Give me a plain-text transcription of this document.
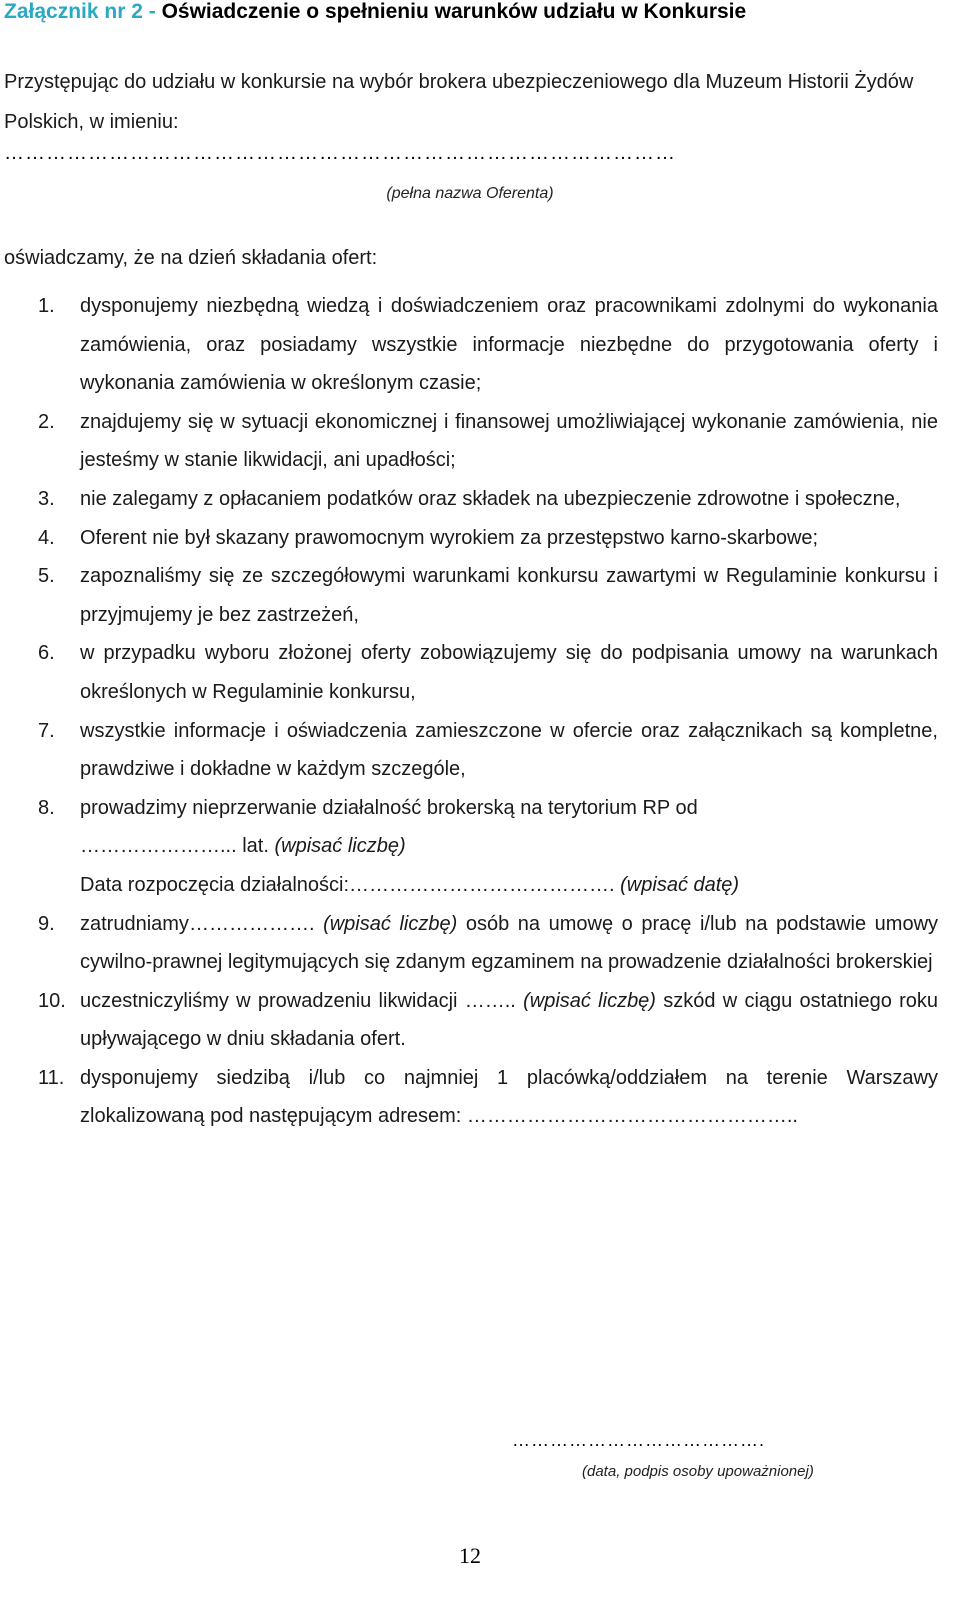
Załącznik nr 2 - Oświadczenie o spełnieniu warunków udziału w Konkursie
Przystępując do udziału w konkursie na wybór brokera ubezpieczeniowego dla Muzeum Historii Żydów Polskich, w imieniu:
……………………………………………………………………………………
(pełna nazwa Oferenta)
oświadczamy, że na dzień składania ofert:
1. dysponujemy niezbędną wiedzą i doświadczeniem oraz pracownikami zdolnymi do wykonania zamówienia, oraz posiadamy wszystkie informacje niezbędne do przygotowania oferty i wykonania zamówienia w określonym czasie;
2. znajdujemy się w sytuacji ekonomicznej i finansowej umożliwiającej wykonanie zamówienia, nie jesteśmy w stanie likwidacji, ani upadłości;
3. nie zalegamy z opłacaniem podatków oraz składek na ubezpieczenie zdrowotne i społeczne,
4. Oferent nie był skazany prawomocnym wyrokiem za przestępstwo karno-skarbowe;
5. zapoznaliśmy się ze szczegółowymi warunkami konkursu zawartymi w Regulaminie konkursu i przyjmujemy je bez zastrzeżeń,
6. w przypadku wyboru złożonej oferty zobowiązujemy się do podpisania umowy na warunkach określonych w Regulaminie konkursu,
7. wszystkie informacje i oświadczenia zamieszczone w ofercie oraz załącznikach są kompletne, prawdziwe i dokładne w każdym szczególe,
8. prowadzimy nieprzerwanie działalność brokerską na terytorium RP od
…………………... lat. (wpisać liczbę)
Data rozpoczęcia działalności:…………………………………. (wpisać datę)
9. zatrudniamy………………. (wpisać liczbę) osób na umowę o pracę i/lub na podstawie umowy cywilno-prawnej legitymujących się zdanym egzaminem na prowadzenie działalności brokerskiej
10. uczestniczyliśmy w prowadzeniu likwidacji …….. (wpisać liczbę) szkód w ciągu ostatniego roku upływającego w dniu składania ofert.
11. dysponujemy siedzibą i/lub co najmniej 1 placówką/oddziałem na terenie Warszawy zlokalizowaną pod następującym adresem: …………………………………………..
………………………………….
(data, podpis osoby upoważnionej)
12
